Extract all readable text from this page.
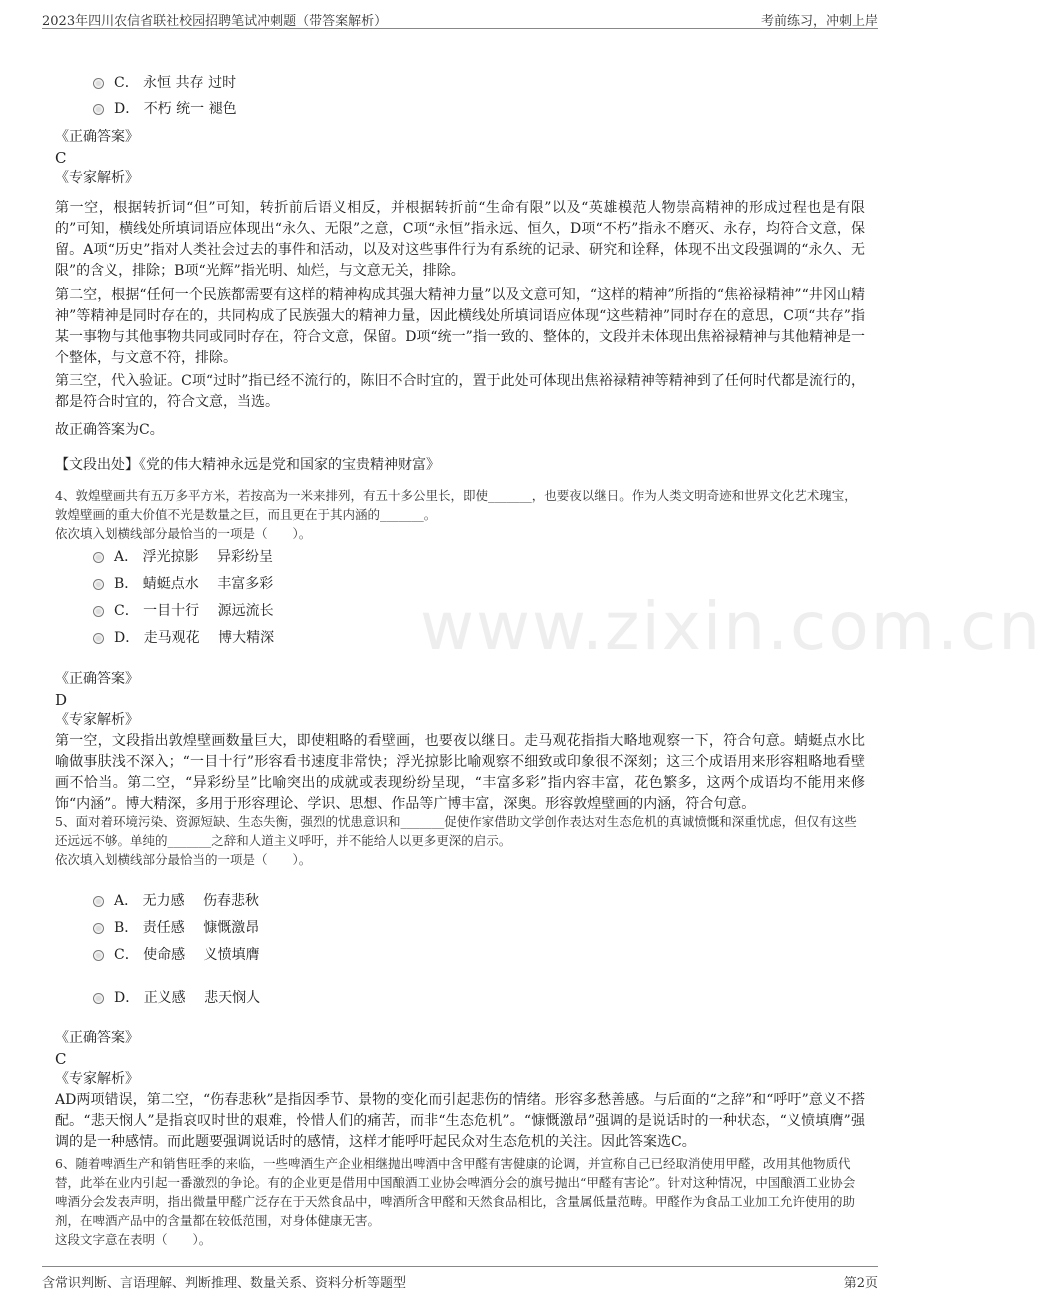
2023年四川农信省联社校园招聘笔试冲刺题（带答案解析）	考前练习，冲刺上岸
www.zixin.com.cn
C． 永恒 共存 过时
D． 不朽 统一 褪色

《正确答案》

C

《专家解析》

第一空，根据转折词“但”可知，转折前后语义相反，并根据转折前“生命有限”以及“英雄模范人物崇高精神的形成过程也是有限的”可知，横线处所填词语应体现出“永久、无限”之意，C项“永恒”指永远、恒久，D项“不朽”指永不磨灭、永存，均符合文意，保留。A项“历史”指对人类社会过去的事件和活动，以及对这些事件行为有系统的记录、研究和诠释，体现不出文段强调的“永久、无限”的含义，排除；B项“光辉”指光明、灿烂，与文意无关，排除。

第二空，根据“任何一个民族都需要有这样的精神构成其强大精神力量”以及文意可知，“这样的精神”所指的“焦裕禄精神”“井冈山精神”等精神是同时存在的，共同构成了民族强大的精神力量，因此横线处所填词语应体现“这些精神”同时存在的意思，C项“共存”指某一事物与其他事物共同或同时存在，符合文意，保留。D项“统一”指一致的、整体的，文段并未体现出焦裕禄精神与其他精神是一个整体，与文意不符，排除。

第三空，代入验证。C项“过时”指已经不流行的，陈旧不合时宜的，置于此处可体现出焦裕禄精神等精神到了任何时代都是流行的，都是符合时宜的，符合文意，当选。

故正确答案为C。

【文段出处】《党的伟大精神永远是党和国家的宝贵精神财富》

4、敦煌壁画共有五万多平方米，若按高为一米来排列，有五十多公里长，即使_______，也要夜以继日。作为人类文明奇迹和世界文化艺术瑰宝，敦煌壁画的重大价值不光是数量之巨，而且更在于其内涵的_______。

依次填入划横线部分最恰当的一项是（　　）。

A． 浮光掠影　 异彩纷呈
B． 蜻蜓点水　 丰富多彩
C． 一目十行　 源远流长
D． 走马观花　 博大精深

《正确答案》

D

《专家解析》

第一空，文段指出敦煌壁画数量巨大，即使粗略的看壁画，也要夜以继日。走马观花指指大略地观察一下，符合句意。蜻蜓点水比喻做事肤浅不深入；“一目十行”形容看书速度非常快；浮光掠影比喻观察不细致或印象很不深刻；这三个成语用来形容粗略地看壁画不恰当。第二空，“异彩纷呈”比喻突出的成就或表现纷纷呈现，“丰富多彩”指内容丰富，花色繁多，这两个成语均不能用来修饰“内涵”。博大精深，多用于形容理论、学识、思想、作品等广博丰富，深奥。形容敦煌壁画的内涵，符合句意。

5、面对着环境污染、资源短缺、生态失衡，强烈的忧患意识和_______促使作家借助文学创作表达对生态危机的真诚愤慨和深重忧虑，但仅有这些还远远不够。单纯的_______之辞和人道主义呼吁，并不能给人以更多更深的启示。

依次填入划横线部分最恰当的一项是（　　）。

A． 无力感　 伤春悲秋
B． 责任感　 慷慨激昂
C． 使命感　 义愤填膺
D． 正义感　 悲天悯人

《正确答案》

C

《专家解析》

AD两项错误，第二空，“伤春悲秋”是指因季节、景物的变化而引起悲伤的情绪。形容多愁善感。与后面的“之辞”和“呼吁”意义不搭配。“悲天悯人”是指哀叹时世的艰难，怜惜人们的痛苦，而非“生态危机”。“慷慨激昂”强调的是说话时的一种状态，“义愤填膺”强调的是一种感情。而此题要强调说话时的感情，这样才能呼吁起民众对生态危机的关注。因此答案选C。

6、随着啤酒生产和销售旺季的来临，一些啤酒生产企业相继抛出啤酒中含甲醛有害健康的论调，并宣称自己已经取消使用甲醛，改用其他物质代替，此举在业内引起一番激烈的争论。有的企业更是借用中国酿酒工业协会啤酒分会的旗号抛出“甲醛有害论”。针对这种情况，中国酿酒工业协会啤酒分会发表声明，指出微量甲醛广泛存在于天然食品中，啤酒所含甲醛和天然食品相比，含量属低量范畴。甲醛作为食品工业加工允许使用的助剂，在啤酒产品中的含量都在较低范围，对身体健康无害。

这段文字意在表明（　　）。

含常识判断、言语理解、判断推理、数量关系、资料分析等题型	第2页
